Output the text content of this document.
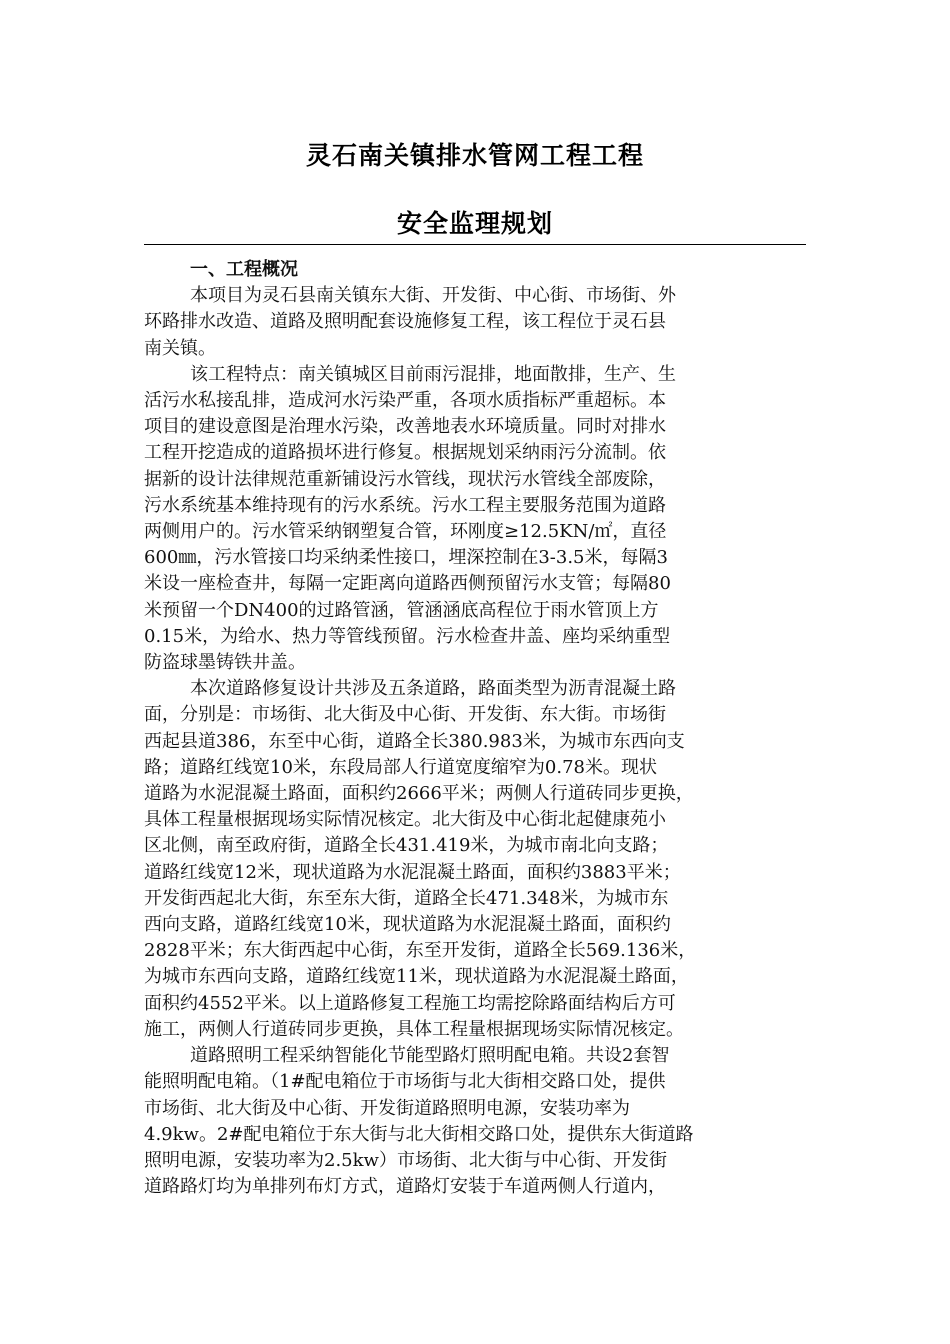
灵石南关镇排水管网工程工程
安全监理规划
一、工程概况
本项目为灵石县南关镇东大街、开发街、中心街、市场街、外
环路排水改造、道路及照明配套设施修复工程，该工程位于灵石县
南关镇。
该工程特点：南关镇城区目前雨污混排，地面散排，生产、生
活污水私接乱排，造成河水污染严重，各项水质指标严重超标。本
项目的建设意图是治理水污染，改善地表水环境质量。同时对排水
工程开挖造成的道路损坏进行修复。根据规划采纳雨污分流制。依
据新的设计法律规范重新铺设污水管线，现状污水管线全部废除，
污水系统基本维持现有的污水系统。污水工程主要服务范围为道路
两侧用户的。污水管采纳钢塑复合管，环刚度≥12.5KN/㎡，直径
600㎜，污水管接口均采纳柔性接口，埋深控制在3-3.5米，每隔3
米设一座检查井，每隔一定距离向道路西侧预留污水支管；每隔80
米预留一个DN400的过路管涵，管涵涵底高程位于雨水管顶上方
0.15米，为给水、热力等管线预留。污水检查井盖、座均采纳重型
防盗球墨铸铁井盖。
本次道路修复设计共涉及五条道路，路面类型为沥青混凝土路
面，分别是：市场街、北大街及中心街、开发街、东大街。市场街
西起县道386，东至中心街，道路全长380.983米，为城市东西向支
路；道路红线宽10米，东段局部人行道宽度缩窄为0.78米。现状
道路为水泥混凝土路面，面积约2666平米；两侧人行道砖同步更换，
具体工程量根据现场实际情况核定。北大街及中心街北起健康苑小
区北侧，南至政府街，道路全长431.419米，为城市南北向支路；
道路红线宽12米，现状道路为水泥混凝土路面，面积约3883平米；
开发街西起北大街，东至东大街，道路全长471.348米，为城市东
西向支路，道路红线宽10米，现状道路为水泥混凝土路面，面积约
2828平米；东大街西起中心街，东至开发街，道路全长569.136米，
为城市东西向支路，道路红线宽11米，现状道路为水泥混凝土路面，
面积约4552平米。以上道路修复工程施工均需挖除路面结构后方可
施工，两侧人行道砖同步更换，具体工程量根据现场实际情况核定。
道路照明工程采纳智能化节能型路灯照明配电箱。共设2套智
能照明配电箱。（1#配电箱位于市场街与北大街相交路口处，提供
市场街、北大街及中心街、开发街道路照明电源，安装功率为
4.9kw。2#配电箱位于东大街与北大街相交路口处，提供东大街道路
照明电源，安装功率为2.5kw）市场街、北大街与中心街、开发街
道路路灯均为单排列布灯方式，道路灯安装于车道两侧人行道内，
